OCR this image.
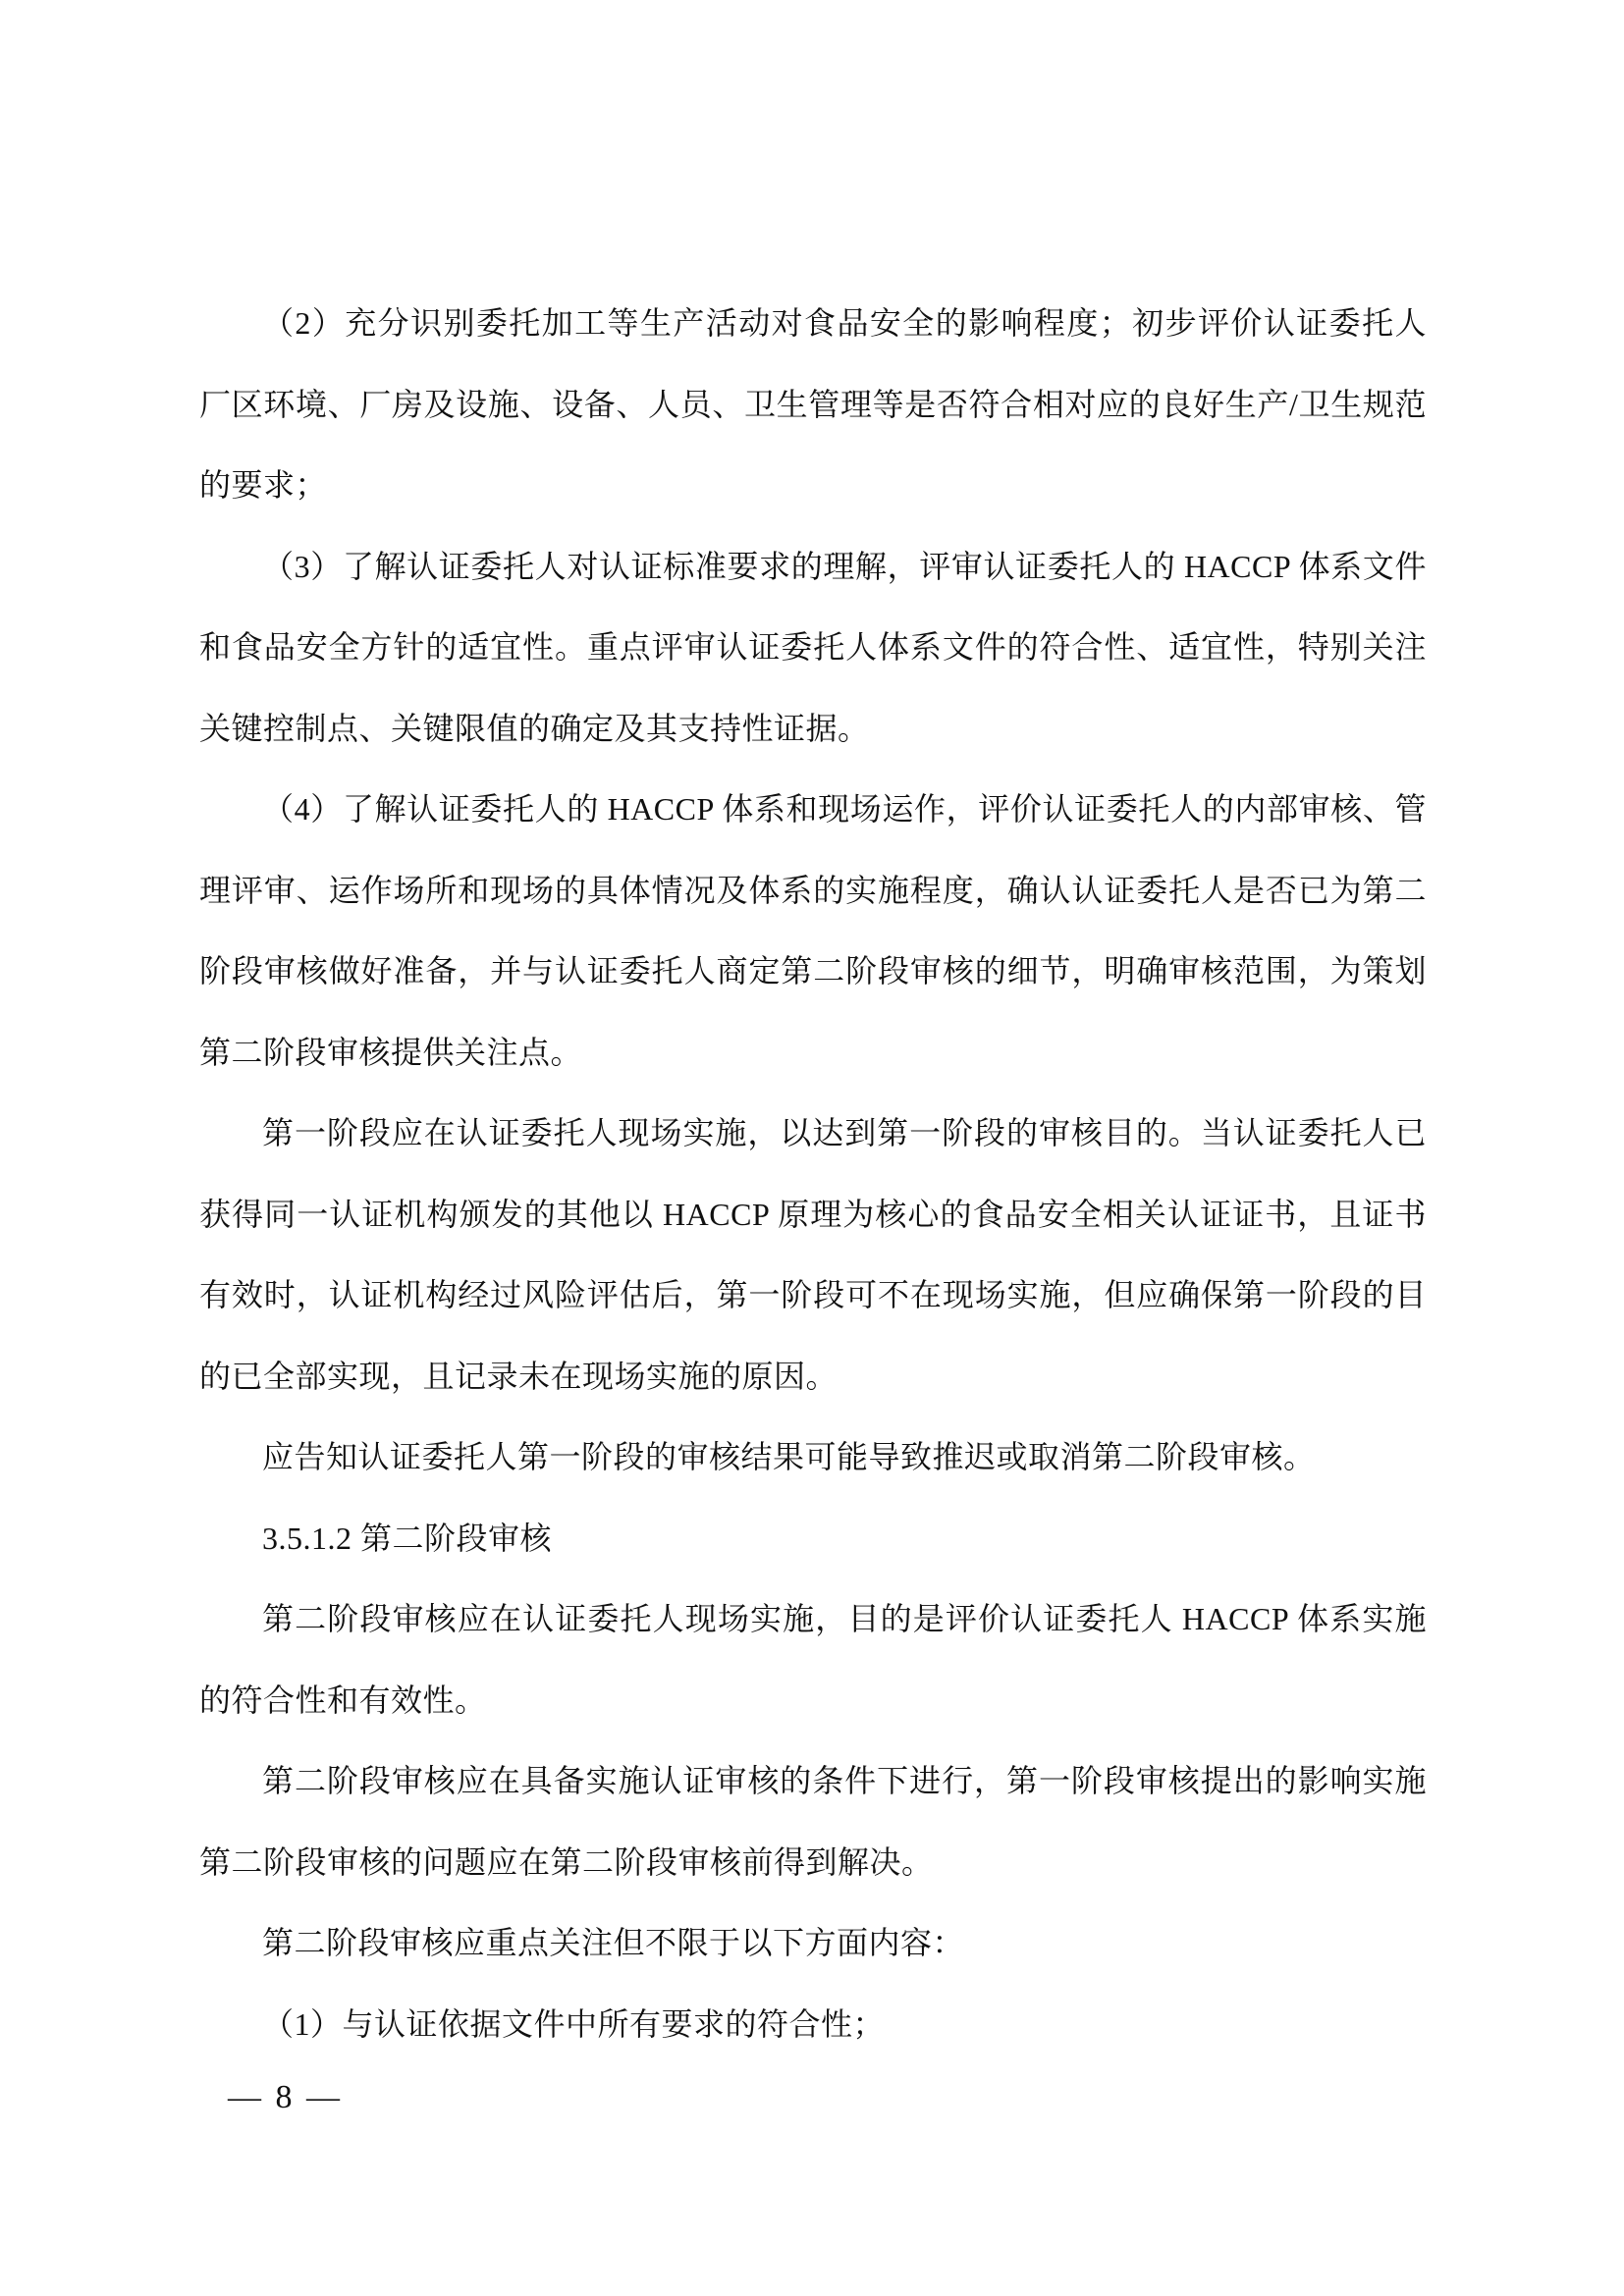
（2）充分识别委托加工等生产活动对食品安全的影响程度；初步评价认证委托人厂区环境、厂房及设施、设备、人员、卫生管理等是否符合相对应的良好生产/卫生规范的要求；

（3）了解认证委托人对认证标准要求的理解，评审认证委托人的 HACCP 体系文件和食品安全方针的适宜性。重点评审认证委托人体系文件的符合性、适宜性，特别关注关键控制点、关键限值的确定及其支持性证据。

（4）了解认证委托人的 HACCP 体系和现场运作，评价认证委托人的内部审核、管理评审、运作场所和现场的具体情况及体系的实施程度，确认认证委托人是否已为第二阶段审核做好准备，并与认证委托人商定第二阶段审核的细节，明确审核范围，为策划第二阶段审核提供关注点。

第一阶段应在认证委托人现场实施，以达到第一阶段的审核目的。当认证委托人已获得同一认证机构颁发的其他以 HACCP 原理为核心的食品安全相关认证证书，且证书有效时，认证机构经过风险评估后，第一阶段可不在现场实施，但应确保第一阶段的目的已全部实现，且记录未在现场实施的原因。

应告知认证委托人第一阶段的审核结果可能导致推迟或取消第二阶段审核。

3.5.1.2 第二阶段审核

第二阶段审核应在认证委托人现场实施，目的是评价认证委托人 HACCP 体系实施的符合性和有效性。

第二阶段审核应在具备实施认证审核的条件下进行，第一阶段审核提出的影响实施第二阶段审核的问题应在第二阶段审核前得到解决。

第二阶段审核应重点关注但不限于以下方面内容：

（1）与认证依据文件中所有要求的符合性；

— 8 —
